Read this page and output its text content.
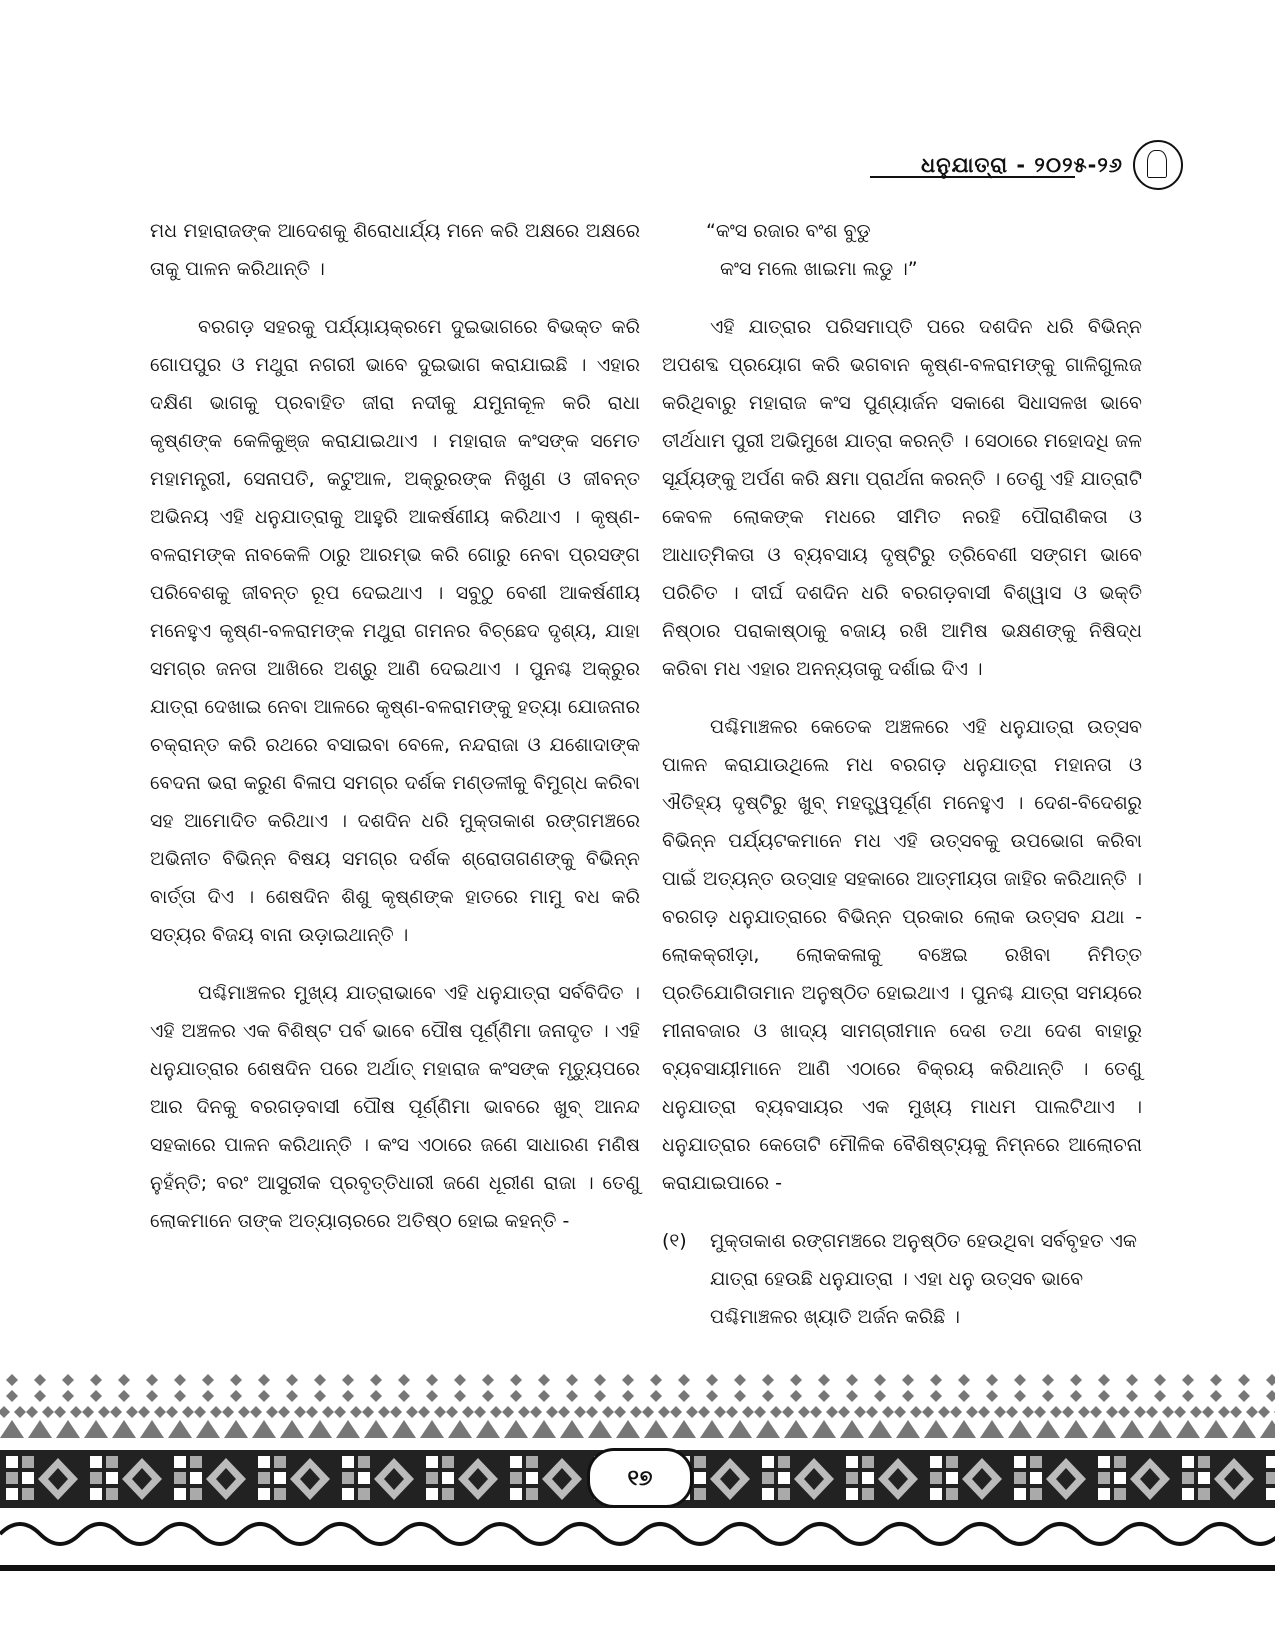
ଧନୁଯାତ୍ରା - ୨୦୨୫-୨୬

ମଧ ମହାରାଜଙ୍କ ଆଦେଶକୁ ଶିରୋଧାର୍ଯ୍ୟ ମନେ କରି ଅକ୍ଷରେ ଅକ୍ଷରେ ତାକୁ ପାଳନ କରିଥାନ୍ତି ।

ବରଗଡ଼ ସହରକୁ ପର୍ଯ୍ୟାୟକ୍ରମେ ଦୁଇଭାଗରେ ବିଭକ୍ତ କରି ଗୋପପୁର ଓ ମଥୁରା ନଗରୀ ଭାବେ ଦୁଇଭାଗ କରାଯାଇଛି । ଏହାର ଦକ୍ଷିଣ ଭାଗକୁ ପ୍ରବାହିତ ଜୀରା ନଦୀକୁ ଯମୁନାକୂଳ କରି ରାଧା କୃଷ୍ଣଙ୍କ କେଳିକୁଞ୍ଜ କରାଯାଇଥାଏ । ମହାରାଜ କଂସଙ୍କ ସମେତ ମହାମନ୍ତ୍ରୀ, ସେନାପତି, କଟୁଆଳ, ଅକ୍ରୁରଙ୍କ ନିଖୁଣ ଓ ଜୀବନ୍ତ ଅଭିନୟ ଏହି ଧନୁଯାତ୍ରାକୁ ଆହୁରି ଆକର୍ଷଣୀୟ କରିଥାଏ । କୃଷ୍ଣ-ବଳରାମଙ୍କ ନାବକେଳି ଠାରୁ ଆରମ୍ଭ କରି ଗୋରୁ ନେବା ପ୍ରସଙ୍ଗ ପରିବେଶକୁ ଜୀବନ୍ତ ରୂପ ଦେଇଥାଏ । ସବୁଠୁ ବେଶୀ ଆକର୍ଷଣୀୟ ମନେହୁଏ କୃଷ୍ଣ-ବଳରାମଙ୍କ ମଥୁରା ଗମନର ବିଚ୍ଛେଦ ଦୃଶ୍ୟ, ଯାହା ସମଗ୍ର ଜନତା ଆଖିରେ ଅଶ୍ରୁ ଆଣି ଦେଇଥାଏ । ପୁନଶ୍ଚ ଅକ୍ରୁର ଯାତ୍ରା ଦେଖାଇ ନେବା ଆଳରେ କୃଷ୍ଣ-ବଳରାମଙ୍କୁ ହତ୍ୟା ଯୋଜନାର ଚକ୍ରାନ୍ତ କରି ରଥରେ ବସାଇବା ବେଳେ, ନନ୍ଦରାଜା ଓ ଯଶୋଦାଙ୍କ ବେଦନା ଭରା କରୁଣ ବିଳାପ ସମଗ୍ର ଦର୍ଶକ ମଣ୍ଡଳୀକୁ ବିମୁଗ୍ଧ କରିବା ସହ ଆମୋଦିତ କରିଥାଏ । ଦଶଦିନ ଧରି ମୁକ୍ତାକାଶ ରଙ୍ଗମଞ୍ଚରେ ଅଭିନୀତ ବିଭିନ୍ନ ବିଷୟ ସମଗ୍ର ଦର୍ଶକ ଶ୍ରୋତାଗଣଙ୍କୁ ବିଭିନ୍ନ ବାର୍ତ୍ତା ଦିଏ । ଶେଷଦିନ ଶିଶୁ କୃଷ୍ଣଙ୍କ ହାତରେ ମାମୁ ବଧ କରି ସତ୍ୟର ବିଜୟ ବାନା ଉଡ଼ାଇଥାନ୍ତି ।

ପଶ୍ଚିମାଞ୍ଚଳର ମୁଖ୍ୟ ଯାତ୍ରାଭାବେ ଏହି ଧନୁଯାତ୍ରା ସର୍ବବିଦିତ । ଏହି ଅଞ୍ଚଳର ଏକ ବିଶିଷ୍ଟ ପର୍ବ ଭାବେ ପୌଷ ପୂର୍ଣ୍ଣିମା ଜନାଦୃତ । ଏହି ଧନୁଯାତ୍ରାର ଶେଷଦିନ ପରେ ଅର୍ଥାତ୍ ମହାରାଜ କଂସଙ୍କ ମୃତ୍ୟୁପରେ ଆର ଦିନକୁ ବରଗଡ଼ବାସୀ ପୌଷ ପୂର୍ଣ୍ଣିମା ଭାବରେ ଖୁବ୍ ଆନନ୍ଦ ସହକାରେ ପାଳନ କରିଥାନ୍ତି । କଂସ ଏଠାରେ ଜଣେ ସାଧାରଣ ମଣିଷ ନୁହଁନ୍ତି; ବରଂ ଆସୁରୀକ ପ୍ରବୃତ୍ତିଧାରୀ ଜଣେ ଧୂରୀଣ ରାଜା । ତେଣୁ ଲୋକମାନେ ତାଙ୍କ ଅତ୍ୟାଚାରରେ ଅତିଷ୍ଠ ହୋଇ କହନ୍ତି -

“କଂସ ରଜାର ବଂଶ ବୁଡୁ
କଂସ ମଲେ ଖାଇମା ଲଡୁ ।”

ଏହି ଯାତ୍ରାର ପରିସମାପ୍ତି ପରେ ଦଶଦିନ ଧରି ବିଭିନ୍ନ ଅପଶବ୍ଦ ପ୍ରୟୋଗ କରି ଭଗବାନ କୃଷ୍ଣ-ବଳରାମଙ୍କୁ ଗାଳିଗୁଲଜ କରିଥିବାରୁ ମହାରାଜ କଂସ ପୁଣ୍ୟାର୍ଜନ ସକାଶେ ସିଧାସଳଖ ଭାବେ ତୀର୍ଥଧାମ ପୁରୀ ଅଭିମୁଖେ ଯାତ୍ରା କରନ୍ତି । ସେଠାରେ ମହୋଦଧି ଜଳ ସୂର୍ଯ୍ୟଙ୍କୁ ଅର୍ପଣ କରି କ୍ଷମା ପ୍ରାର୍ଥନା କରନ୍ତି । ତେଣୁ ଏହି ଯାତ୍ରାଟି କେବଳ ଲୋକଙ୍କ ମଧରେ ସୀମିତ ନରହି ପୌରାଣିକତା ଓ ଆଧାତ୍ମିକତା ଓ ବ୍ୟବସାୟ ଦୃଷ୍ଟିରୁ ତ୍ରିବେଣୀ ସଙ୍ଗମ ଭାବେ ପରିଚିତ । ଦୀର୍ଘ ଦଶଦିନ ଧରି ବରଗଡ଼ବାସୀ ବିଶ୍ୱାସ ଓ ଭକ୍ତି ନିଷ୍ଠାର ପରାକାଷ୍ଠାକୁ ବଜାୟ ରଖି ଆମିଷ ଭକ୍ଷଣଙ୍କୁ ନିଷିଦ୍ଧ କରିବା ମଧ ଏହାର ଅନନ୍ୟତାକୁ ଦର୍ଶାଇ ଦିଏ ।

ପଶ୍ଚିମାଞ୍ଚଳର କେତେକ ଅଞ୍ଚଳରେ ଏହି ଧନୁଯାତ୍ରା ଉତ୍ସବ ପାଳନ କରାଯାଉଥିଲେ ମଧ ବରଗଡ଼ ଧନୁଯାତ୍ରା ମହାନତା ଓ ଐତିହ୍ୟ ଦୃଷ୍ଟିରୁ ଖୁବ୍ ମହତ୍ତ୍ୱପୂର୍ଣ୍ଣ ମନେହୁଏ । ଦେଶ-ବିଦେଶରୁ ବିଭିନ୍ନ ପର୍ଯ୍ୟଟକମାନେ ମଧ ଏହି ଉତ୍ସବକୁ ଉପଭୋଗ କରିବା ପାଇଁ ଅତ୍ୟନ୍ତ ଉତ୍ସାହ ସହକାରେ ଆତ୍ମୀୟତା ଜାହିର କରିଥାନ୍ତି । ବରଗଡ଼ ଧନୁଯାତ୍ରାରେ ବିଭିନ୍ନ ପ୍ରକାର ଲୋକ ଉତ୍ସବ ଯଥା - ଲୋକକ୍ରୀଡ଼ା, ଲୋକକଳାକୁ ବଞ୍ଚେଇ ରଖିବା ନିମିତ୍ତ ପ୍ରତିଯୋଗିତାମାନ ଅନୁଷ୍ଠିତ ହୋଇଥାଏ । ପୁନଶ୍ଚ ଯାତ୍ରା ସମୟରେ ମୀନାବଜାର ଓ ଖାଦ୍ୟ ସାମଗ୍ରୀମାନ ଦେଶ ତଥା ଦେଶ ବାହାରୁ ବ୍ୟବସାୟୀମାନେ ଆଣି ଏଠାରେ ବିକ୍ରୟ କରିଥାନ୍ତି । ତେଣୁ ଧନୁଯାତ୍ରା ବ୍ୟବସାୟର ଏକ ମୁଖ୍ୟ ମାଧମ ପାଲଟିଥାଏ । ଧନୁଯାତ୍ରାର କେତୋଟି ମୌଳିକ ବୈଶିଷ୍ଟ୍ୟକୁ ନିମ୍ନରେ ଆଲୋଚନା କରାଯାଇପାରେ -

(୧)	ମୁକ୍ତାକାଶ ରଙ୍ଗମଞ୍ଚରେ ଅନୁଷ୍ଠିତ ହେଉଥିବା ସର୍ବବୃହତ ଏକ ଯାତ୍ରା ହେଉଛି ଧନୁଯାତ୍ରା । ଏହା ଧନୁ ଉତ୍ସବ ଭାବେ ପଶ୍ଚିମାଞ୍ଚଳର ଖ୍ୟାତି ଅର୍ଜନ କରିଛି ।
୧୭
